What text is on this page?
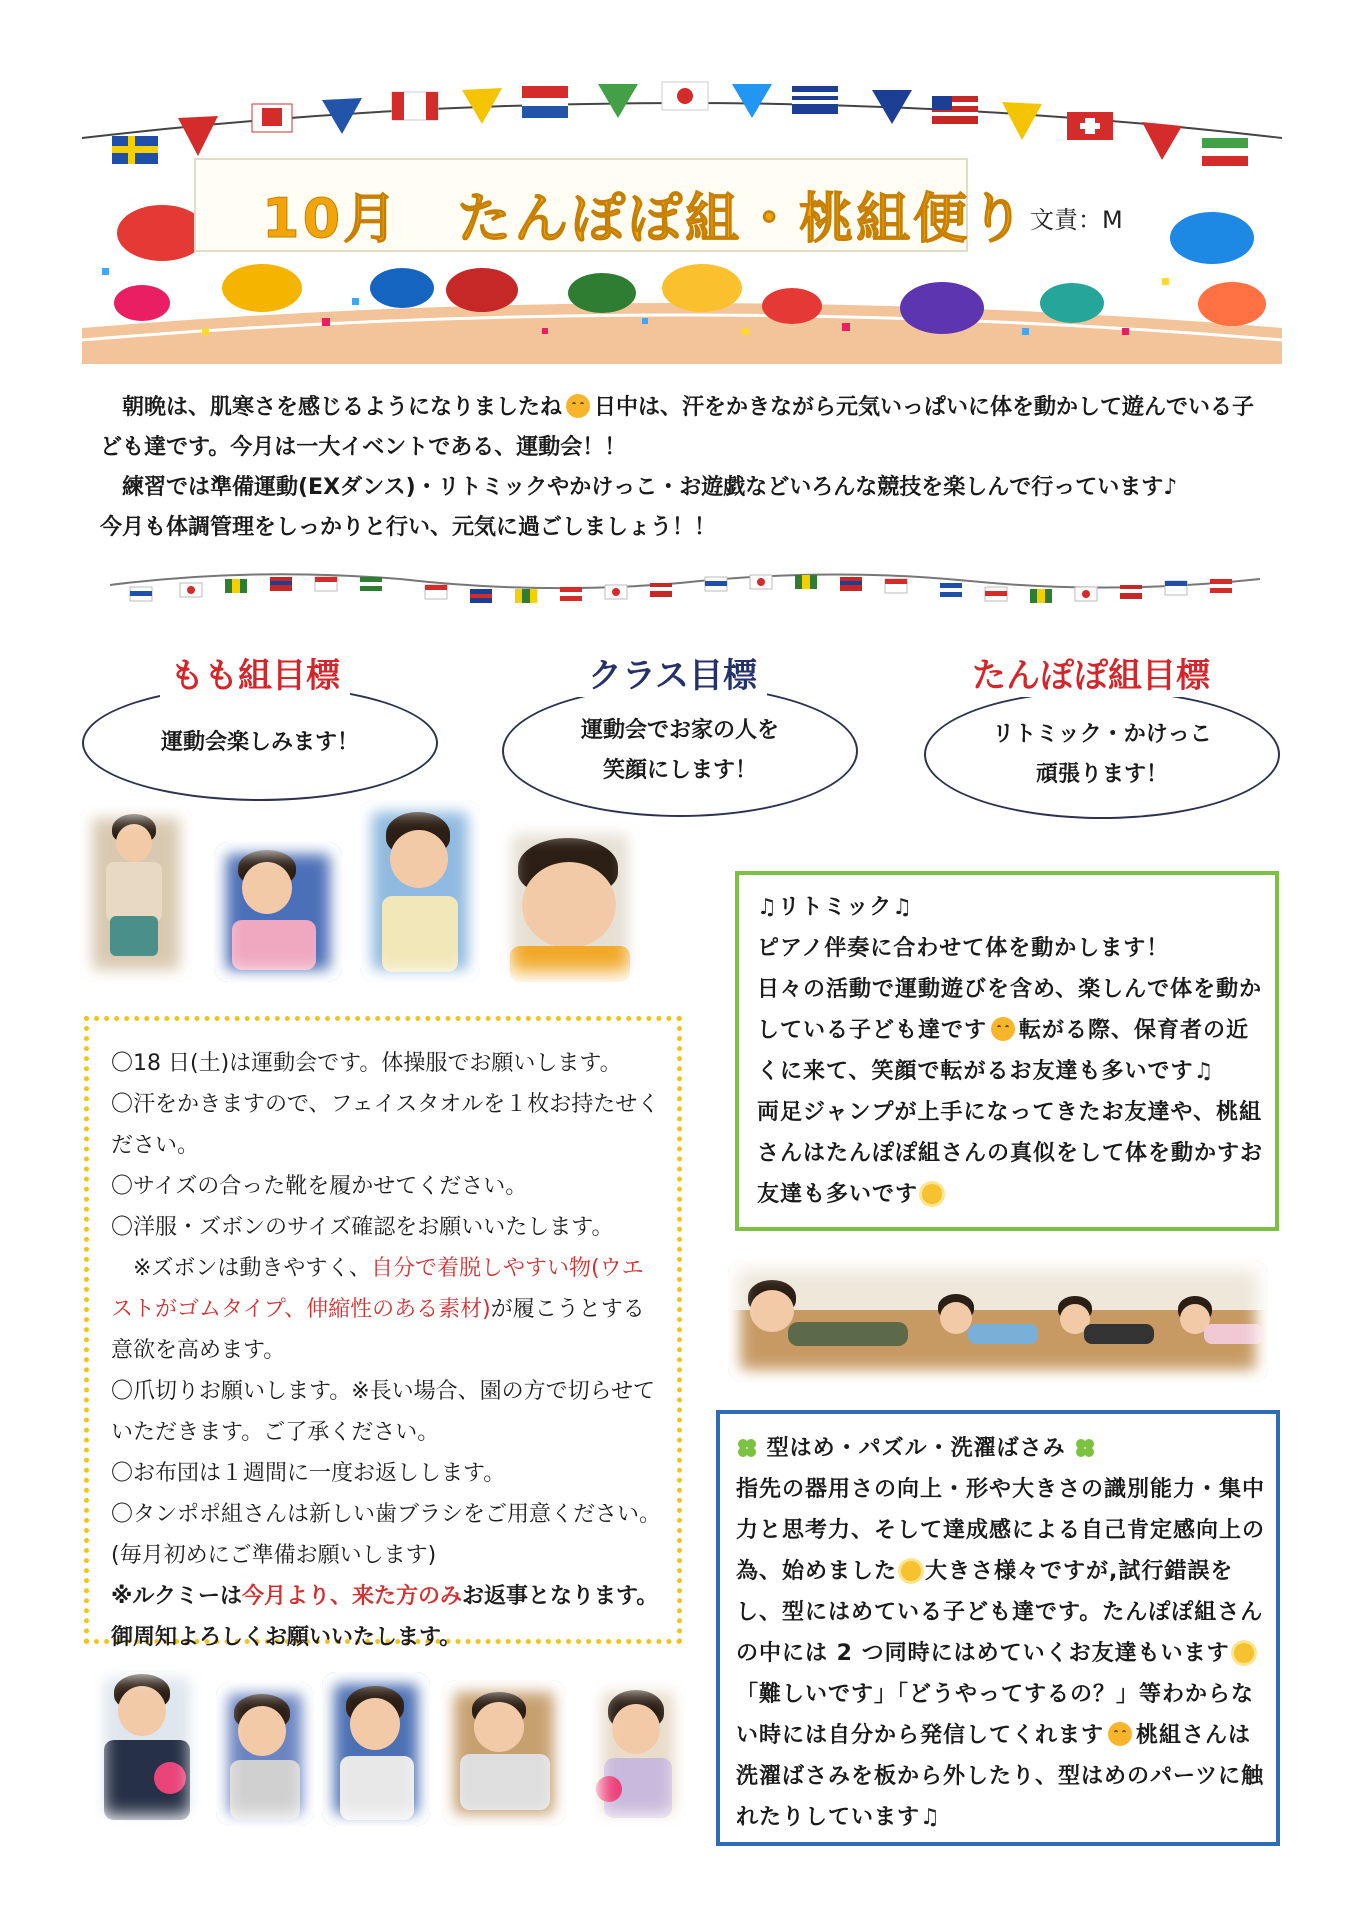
10月　たんぽぽ組・桃組便り 文責：M

　朝晩は、肌寒さを感じるようになりましたね 日中は、汗をかきながら元気いっぱいに体を動かして遊んでいる子ども達です。今月は一大イベントである、運動会！！

　練習では準備運動(EXダンス)・リトミックやかけっこ・お遊戯などいろんな競技を楽しんで行っています♪

今月も体調管理をしっかりと行い、元気に過ごしましょう！！

もも組目標
運動会楽しみます！
クラス目標
運動会でお家の人を
笑顔にします！
たんぽぽ組目標
リトミック・かけっこ
頑張ります！

〇18 日(土)は運動会です。体操服でお願いします。

〇汗をかきますので、フェイスタオルを１枚お持たせください。

〇サイズの合った靴を履かせてください。

〇洋服・ズボンのサイズ確認をお願いいたします。

　※ズボンは動きやすく、自分で着脱しやすい物(ウエストがゴムタイプ、伸縮性のある素材)が履こうとする意欲を高めます。

〇爪切りお願いします。※長い場合、園の方で切らせていただきます。ご了承ください。

〇お布団は１週間に一度お返しします。

〇タンポポ組さんは新しい歯ブラシをご用意ください。(毎月初めにご準備お願いします)

※ルクミーは今月より、来た方のみお返事となります。

御周知よろしくお願いいたします。

♫リトミック♫

ピアノ伴奏に合わせて体を動かします！

日々の活動で運動遊びを含め、楽しんで体を動かしている子ども達です 転がる際、保育者の近くに来て、笑顔で転がるお友達も多いです♫

両足ジャンプが上手になってきたお友達や、桃組さんはたんぽぽ組さんの真似をして体を動かすお友達も多いです

型はめ・パズル・洗濯ばさみ

指先の器用さの向上・形や大きさの識別能力・集中力と思考力、そして達成感による自己肯定感向上の為、始めました 大きさ様々ですが,試行錯誤をし、型にはめている子ども達です。たんぽぽ組さんの中には 2 つ同時にはめていくお友達もいます「難しいです」「どうやってするの？」等わからない時には自分から発信してくれます 桃組さんは洗濯ばさみを板から外したり、型はめのパーツに触れたりしています♫
